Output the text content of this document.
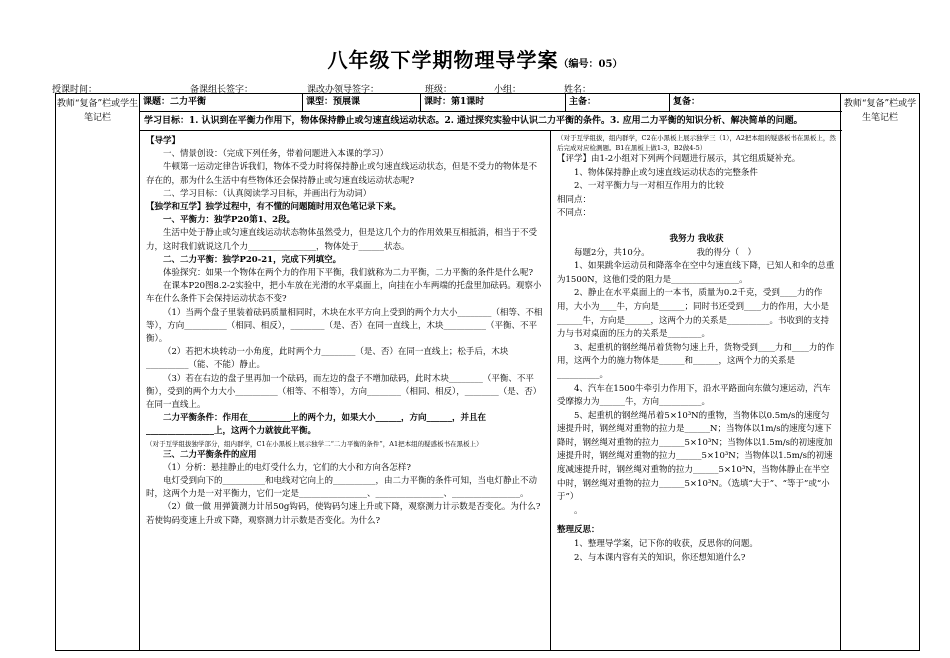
八年级下学期物理导学案（编号：05）
授课时间：	备课组长签字：	课改办领导签字：	班级：	小组：	姓名：

教师“复备”栏或学生笔记栏

课题：二力平衡	课型：预展课	课时：第1课时	主备：	复备：
学习目标：1. 认识到在平衡力作用下，物体保持静止或匀速直线运动状态。2. 通过探究实验中认识二力平衡的条件。3. 应用二力平衡的知识分析、解决简单的问题。

【导学】

一、情景创设：（完成下列任务，带着问题进入本课的学习）

牛顿第一运动定律告诉我们，物体不受力时将保持静止或匀速直线运动状态，但是不受力的物体是不存在的，那为什么生活中有些物体还会保持静止或匀速直线运动状态呢?

二、学习目标：（认真阅读学习目标，并画出行为动词）

【独学和互学】独学过程中，有不懂的问题随时用双色笔记录下来。

一、平衡力：独学P20第1、2段。

生活中处于静止或匀速直线运动状态物体虽然受力，但是这几个力的作用效果互相抵消，相当于不受力，这时我们就说这几个力________________，物体处于______状态。

二、二力平衡：独学P20-21，完成下列填空。

体验探究：如果一个物体在两个力的作用下平衡，我们就称为二力平衡，二力平衡的条件是什么呢?

在课本P20图8.2-2实验中，把小车放在光滑的水平桌面上，向挂在小车两端的托盘里加砝码。观察小车在什么条件下会保持运动状态不变?

（1）当两个盘子里装着砝码质量相同时，木块在水平方向上受到的两个力大小________（相等、不相等），方向__________（相同、相反），________（是、否）在同一直线上，木块__________（平衡、不平衡）。

（2）若把木块转动一小角度，此时两个力________（是、否）在同一直线上；松手后，木块__________（能、不能）静止。

（3）若在右边的盘子里再加一个砝码，而左边的盘子不增加砝码，此时木块________（平衡、不平衡），受到的两个力大小__________（相等、不相等），方向________（相同、相反），________（是、否）在同一直线上。

二力平衡条件：作用在__________上的两个力，如果大小______，方向______，并且在________________上，这两个力就彼此平衡。

（对于互学组拔独学部分，组内群学，C1在小黑板上展示独学二“二力平衡的条件”，A1把本组的疑惑板书在黑板上）

三、二力平衡条件的应用

（1）分析：悬挂静止的电灯受什么力，它们的大小和方向各怎样?

电灯受到向下的__________和电线对它向上的__________，由二力平衡的条件可知，当电灯静止不动时，这两个力是一对平衡力，它们一定是________________、________________、________________。

（2）做一做 用弹簧测力计吊50g钩码，使钩码匀速上升或下降，观察测力计示数是否变化。为什么?若使钩码变速上升或下降，观察测力计示数是否变化。为什么?

（对于互学组拔，组内群学，C2在小黑板上展示独学三（1），A2把本组的疑惑板书在黑板上，然后完成对应检测题。B1在黑板上做1-3，B2做4-5）

【评学】由1-2小组对下列两个问题进行展示，其它组质疑补充。

1、物体保持静止或匀速直线运动状态的完整条件

2、一对平衡力与一对相互作用力的比较

相同点：

不同点：

我努力 我收获

每题2分，共10分。　　　　　　我的得分（　）

1、如果跳伞运动员和降落伞在空中匀速直线下降，已知人和伞的总重为1500N，这他们受的阻力是________________。

2、静止在水平桌面上的一本书，质量为0.2千克，受到____力的作用，大小为____牛，方向是______；同时书还受到____力的作用，大小是______牛，方向是______，这两个力的关系是__________。书收到的支持力与书对桌面的压力的关系是________。

3、起重机的钢丝绳吊着货物匀速上升，货物受到____力和____力的作用，这两个力的施力物体是______和______，这两个力的关系是__________。

4、汽车在1500牛牵引力作用下，沿水平路面向东做匀速运动，汽车受摩擦力为______牛，方向__________。

5、起重机的钢丝绳吊着5×10³N的重物，当物体以0.5m/s的速度匀速提升时，钢丝绳对重物的拉力是______N；当物体以1m/s的速度匀速下降时，钢丝绳对重物的拉力______5×10³N；当物体以1.5m/s的初速度加速提升时，钢丝绳对重物的拉力______5×10³N；当物体以1.5m/s的初速度减速提升时，钢丝绳对重物的拉力______5×10³N，当物体静止在半空中时，钢丝绳对重物的拉力______5×10³N。（选填“大于”、“等于”或“小于”）

。

整理反思：

1、整理导学案，记下你的收获，反思你的问题。

2、与本课内容有关的知识，你还想知道什么?

教师“复备”栏或学生笔记栏
